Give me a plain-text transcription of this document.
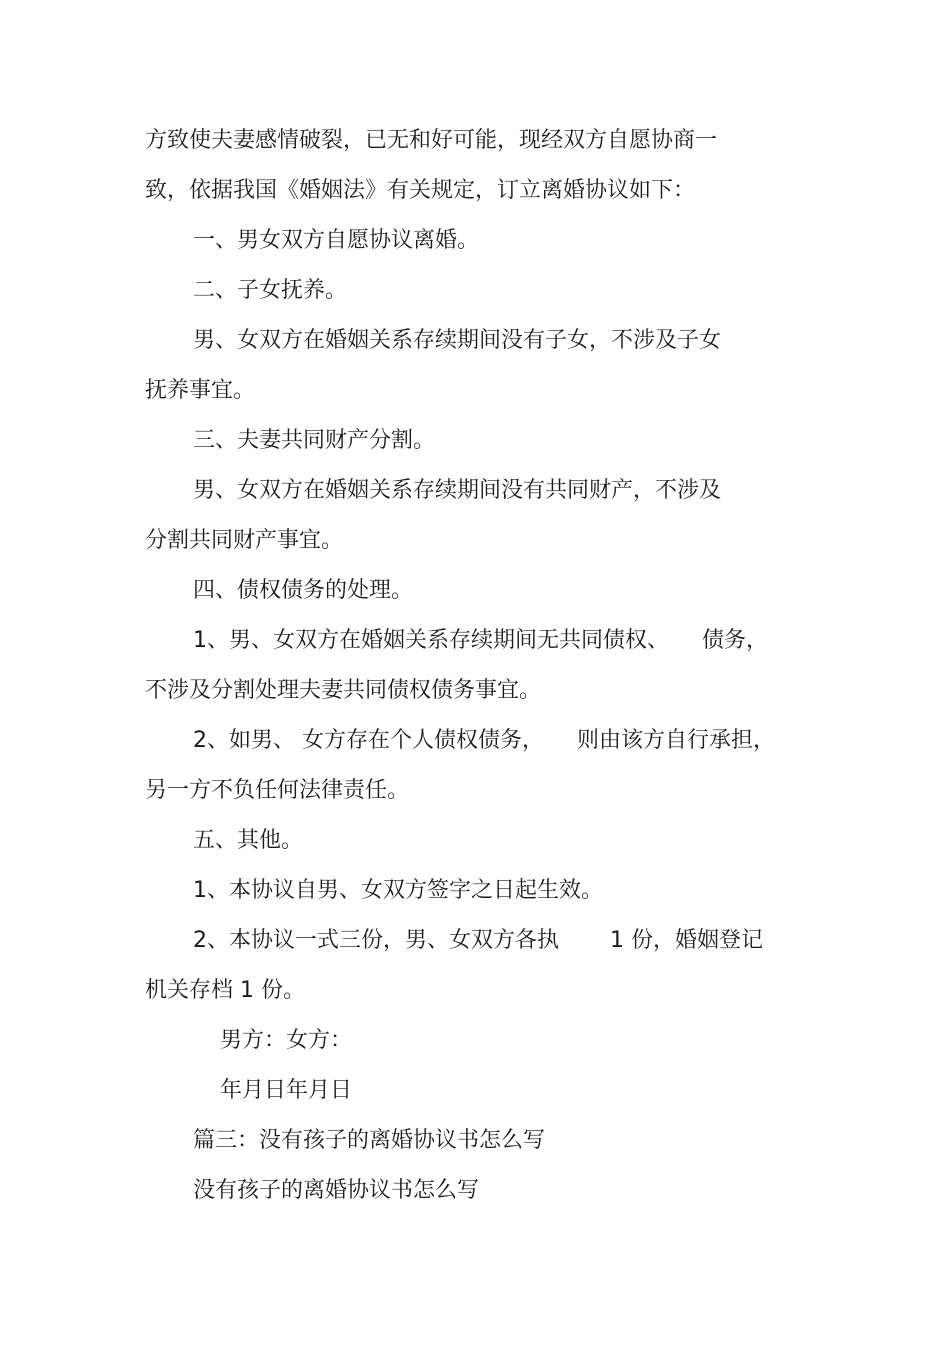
方致使夫妻感情破裂，已无和好可能，现经双方自愿协商一
致，依据我国《婚姻法》有关规定，订立离婚协议如下：
一、男女双方自愿协议离婚。
二、子女抚养。
男、女双方在婚姻关系存续期间没有子女，不涉及子女
抚养事宜。
三、夫妻共同财产分割。
男、女双方在婚姻关系存续期间没有共同财产，不涉及
分割共同财产事宜。
四、债权债务的处理。
1、男、女双方在婚姻关系存续期间无共同债权、　　债务，
不涉及分割处理夫妻共同债权债务事宜。
2、如男、 女方存在个人债权债务，　　则由该方自行承担，
另一方不负任何法律责任。
五、其他。
1、本协议自男、女双方签字之日起生效。
2、本协议一式三份，男、女双方各执　　 1 份，婚姻登记
机关存档 1 份。
男方：女方：
年月日年月日
篇三：没有孩子的离婚协议书怎么写
没有孩子的离婚协议书怎么写
